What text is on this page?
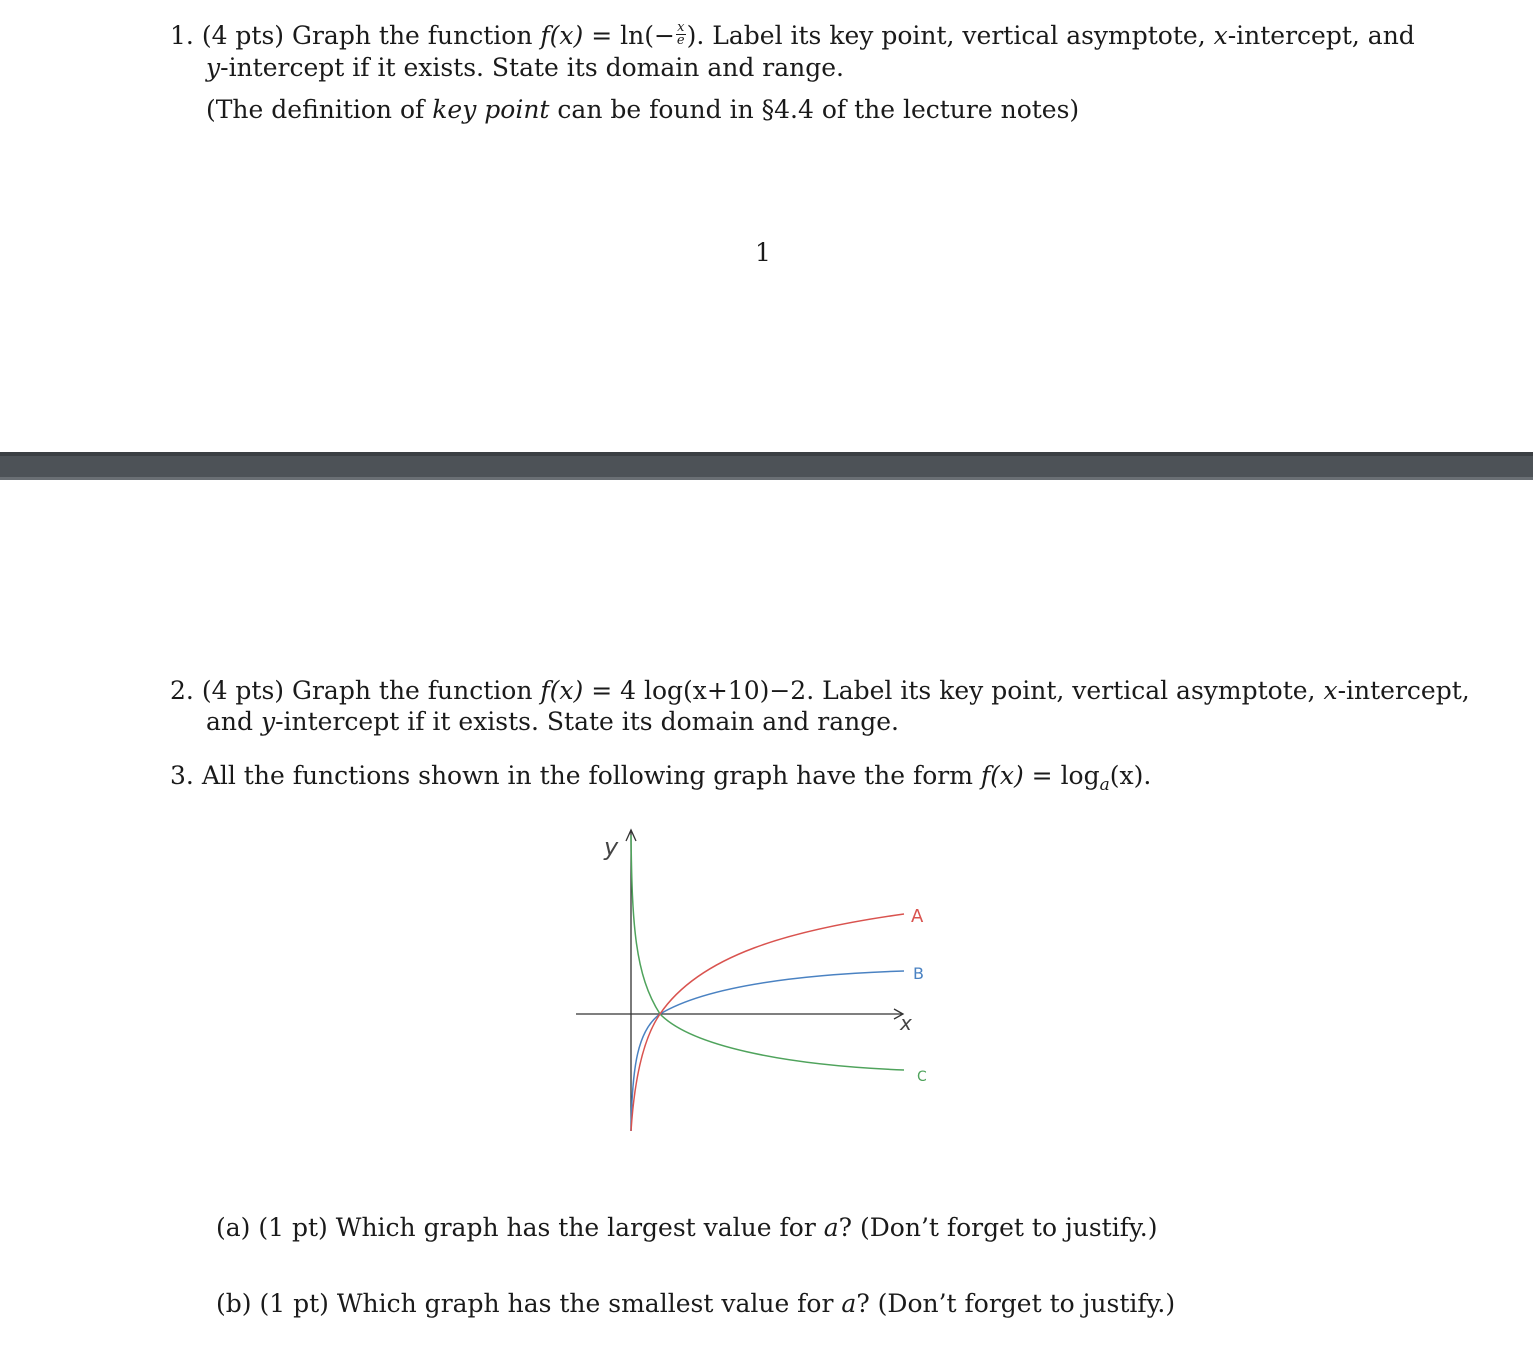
1. (4 pts) Graph the function $f(x) = \ln(- \frac{x}{e}$ ). Label its key point, vertical asymptote, x-intercept, and
y-intercept if it exists. State its domain and range.
(The definition of key point can be found in §4.4 of the lecture notes)
1
2. (4 pts) Graph the function f(x) = 4 log(x+10)−2. Label its key point, vertical asymptote, x-intercept,
and y-intercept if it exists. State its domain and range.
3. All the functions shown in the following graph have the form $f(x) = \log_a(x)$.
y
x
A
B
C
(a) (1 pt) Which graph has the largest value for a? (Don’t forget to justify.)
(b) (1 pt) Which graph has the smallest value for a? (Don’t forget to justify.)
